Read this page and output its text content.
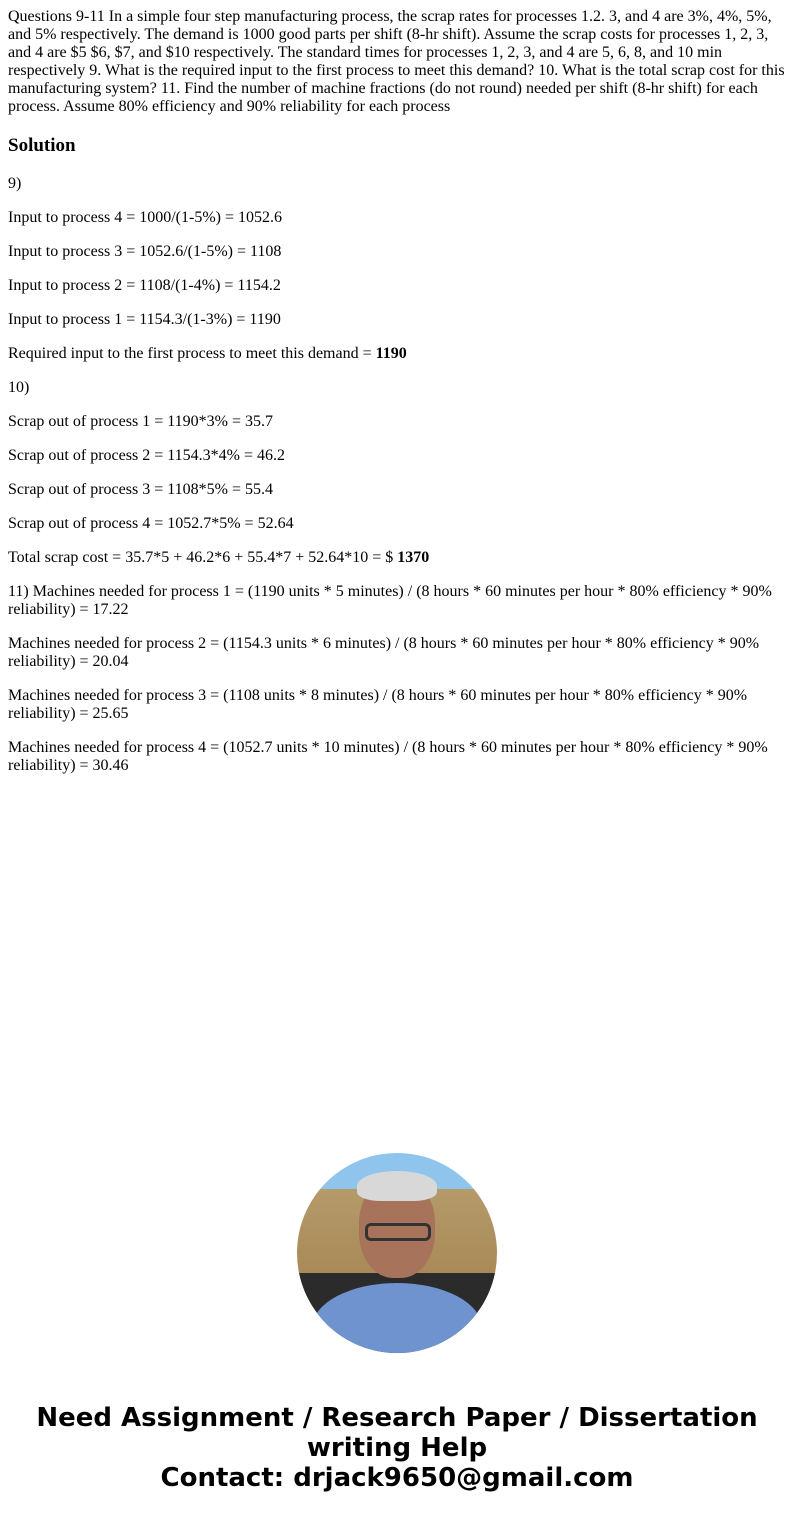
Questions 9-11 In a simple four step manufacturing process, the scrap rates for processes 1.2. 3, and 4 are 3%, 4%, 5%, and 5% respectively. The demand is 1000 good parts per shift (8-hr shift). Assume the scrap costs for processes 1, 2, 3, and 4 are $5 $6, $7, and $10 respectively. The standard times for processes 1, 2, 3, and 4 are 5, 6, 8, and 10 min respectively 9. What is the required input to the first process to meet this demand? 10. What is the total scrap cost for this manufacturing system? 11. Find the number of machine fractions (do not round) needed per shift (8-hr shift) for each process. Assume 80% efficiency and 90% reliability for each process

Solution

9)

Input to process 4 = 1000/(1-5%) = 1052.6

Input to process 3 = 1052.6/(1-5%) = 1108

Input to process 2 = 1108/(1-4%) = 1154.2

Input to process 1 = 1154.3/(1-3%) = 1190

Required input to the first process to meet this demand = 1190

10)

Scrap out of process 1 = 1190*3% = 35.7

Scrap out of process 2 = 1154.3*4% = 46.2

Scrap out of process 3 = 1108*5% = 55.4

Scrap out of process 4 = 1052.7*5% = 52.64

Total scrap cost = 35.7*5 + 46.2*6 + 55.4*7 + 52.64*10 = $ 1370

11) Machines needed for process 1 = (1190 units * 5 minutes) / (8 hours * 60 minutes per hour * 80% efficiency * 90% reliability) = 17.22

Machines needed for process 2 = (1154.3 units * 6 minutes) / (8 hours * 60 minutes per hour * 80% efficiency * 90% reliability) = 20.04

Machines needed for process 3 = (1108 units * 8 minutes) / (8 hours * 60 minutes per hour * 80% efficiency * 90% reliability) = 25.65

Machines needed for process 4 = (1052.7 units * 10 minutes) / (8 hours * 60 minutes per hour * 80% efficiency * 90% reliability) = 30.46

Need Assignment / Research Paper / Dissertation writing Help
Contact: drjack9650@gmail.com
